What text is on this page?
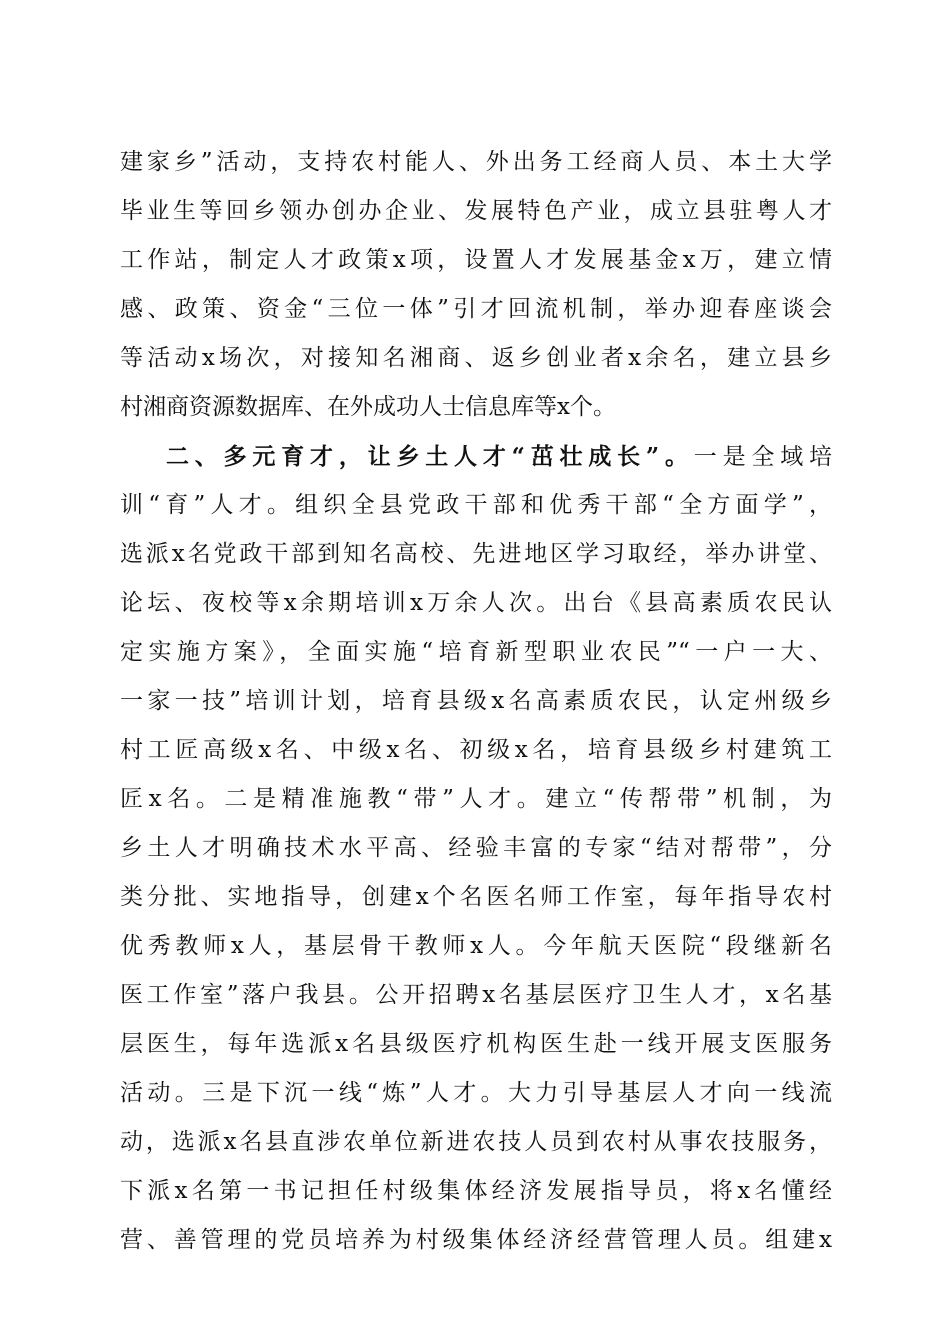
建家乡”活动，支持农村能人、外出务工经商人员、本土大学
毕业生等回乡领办创办企业、发展特色产业，成立县驻粤人才
工作站，制定人才政策x项，设置人才发展基金x万，建立情
感、政策、资金“三位一体”引才回流机制，举办迎春座谈会
等活动x场次，对接知名湘商、返乡创业者x余名，建立县乡
村湘商资源数据库、在外成功人士信息库等x个。
二、多元育才，让乡土人才“茁壮成长”。一是全域培
训“育”人才。组织全县党政干部和优秀干部“全方面学”，
选派x名党政干部到知名高校、先进地区学习取经，举办讲堂、
论坛、夜校等x余期培训x万余人次。出台《县高素质农民认
定实施方案》，全面实施“培育新型职业农民”“一户一大、
一家一技”培训计划，培育县级x名高素质农民，认定州级乡
村工匠高级x名、中级x名、初级x名，培育县级乡村建筑工
匠x名。二是精准施教“带”人才。建立“传帮带”机制，为
乡土人才明确技术水平高、经验丰富的专家“结对帮带”，分
类分批、实地指导，创建x个名医名师工作室，每年指导农村
优秀教师x人，基层骨干教师x人。今年航天医院“段继新名
医工作室”落户我县。公开招聘x名基层医疗卫生人才，x名基
层医生，每年选派x名县级医疗机构医生赴一线开展支医服务
活动。三是下沉一线“炼”人才。大力引导基层人才向一线流
动，选派x名县直涉农单位新进农技人员到农村从事农技服务，
下派x名第一书记担任村级集体经济发展指导员，将x名懂经
营、善管理的党员培养为村级集体经济经营管理人员。组建x
